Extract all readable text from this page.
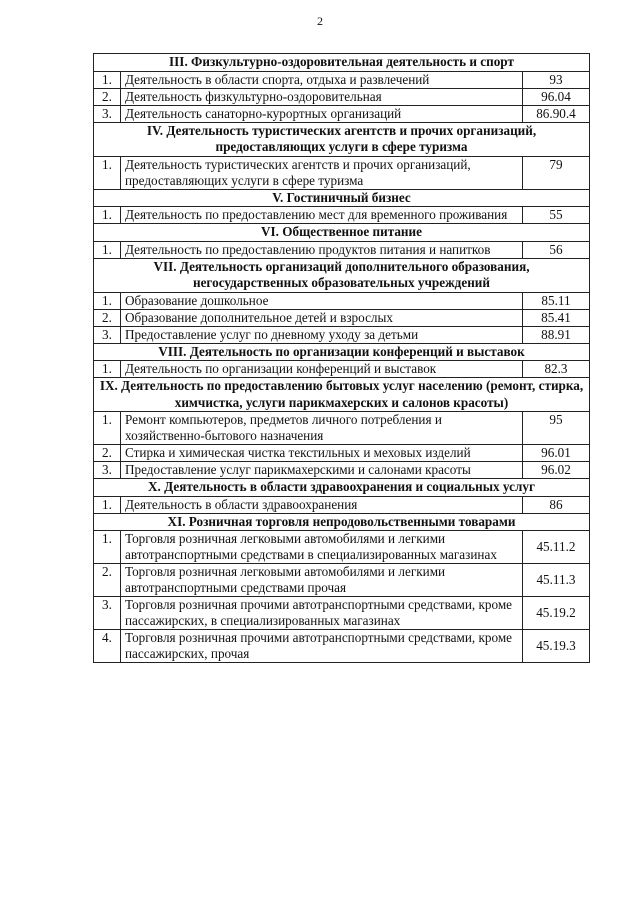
2
III. Физкультурно-оздоровительная деятельность и спорт		
1.	Деятельность в области спорта, отдыха и развлечений	93
2.	Деятельность физкультурно-оздоровительная	96.04
3.	Деятельность санаторно-курортных организаций	86.90.4
IV. Деятельность туристических агентств и прочих организаций, предоставляющих услуги в сфере туризма		
1.	Деятельность туристических агентств и прочих организаций, предоставляющих услуги в сфере туризма	79
V. Гостиничный бизнес		
1.	Деятельность по предоставлению мест для временного проживания	55
VI. Общественное питание		
1.	Деятельность по предоставлению продуктов питания и напитков	56
VII. Деятельность организаций дополнительного образования, негосударственных образовательных учреждений		
1.	Образование дошкольное	85.11
2.	Образование дополнительное детей и взрослых	85.41
3.	Предоставление услуг по дневному уходу за детьми	88.91
VIII. Деятельность по организации конференций и выставок		
1.	Деятельность по организации конференций и выставок	82.3
IX. Деятельность по предоставлению бытовых услуг населению (ремонт, стирка, химчистка, услуги парикмахерских и салонов красоты)		
1.	Ремонт компьютеров, предметов личного потребления и хозяйственно-бытового назначения	95
2.	Стирка и химическая чистка текстильных и меховых изделий	96.01
3.	Предоставление услуг парикмахерскими и салонами красоты	96.02
X. Деятельность в области здравоохранения и социальных услуг		
1.	Деятельность в области здравоохранения	86
XI. Розничная торговля непродовольственными товарами		
1.	Торговля розничная легковыми автомобилями и легкими автотранспортными средствами в специализированных магазинах	45.11.2
2.	Торговля розничная легковыми автомобилями и легкими автотранспортными средствами прочая	45.11.3
3.	Торговля розничная прочими автотранспортными средствами, кроме пассажирских, в специализированных магазинах	45.19.2
4.	Торговля розничная прочими автотранспортными средствами, кроме пассажирских, прочая	45.19.3
